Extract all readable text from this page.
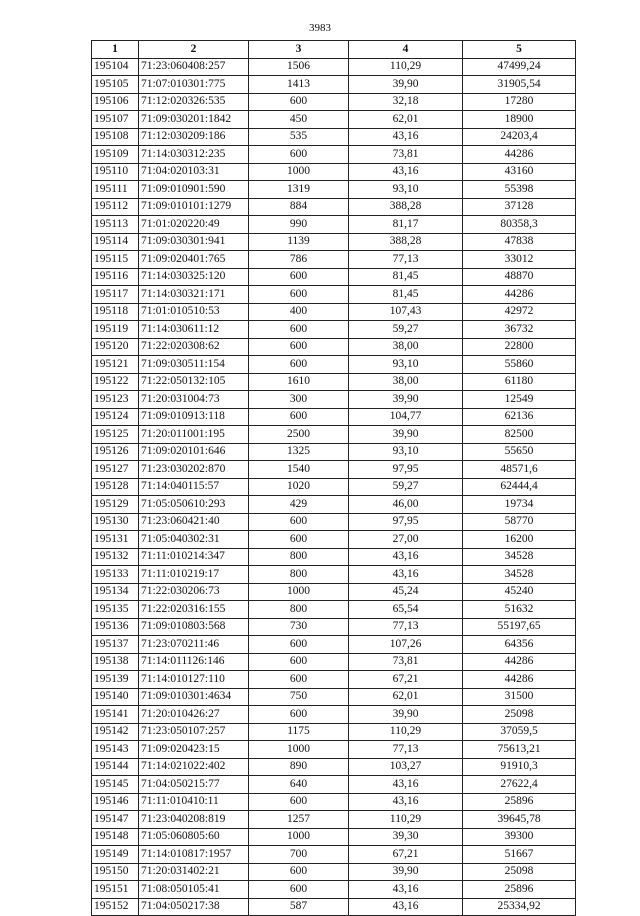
3983
1	2	3	4	5
195104	71:23:060408:257	1506	110,29	47499,24
195105	71:07:010301:775	1413	39,90	31905,54
195106	71:12:020326:535	600	32,18	17280
195107	71:09:030201:1842	450	62,01	18900
195108	71:12:030209:186	535	43,16	24203,4
195109	71:14:030312:235	600	73,81	44286
195110	71:04:020103:31	1000	43,16	43160
195111	71:09:010901:590	1319	93,10	55398
195112	71:09:010101:1279	884	388,28	37128
195113	71:01:020220:49	990	81,17	80358,3
195114	71:09:030301:941	1139	388,28	47838
195115	71:09:020401:765	786	77,13	33012
195116	71:14:030325:120	600	81,45	48870
195117	71:14:030321:171	600	81,45	44286
195118	71:01:010510:53	400	107,43	42972
195119	71:14:030611:12	600	59,27	36732
195120	71:22:020308:62	600	38,00	22800
195121	71:09:030511:154	600	93,10	55860
195122	71:22:050132:105	1610	38,00	61180
195123	71:20:031004:73	300	39,90	12549
195124	71:09:010913:118	600	104,77	62136
195125	71:20:011001:195	2500	39,90	82500
195126	71:09:020101:646	1325	93,10	55650
195127	71:23:030202:870	1540	97,95	48571,6
195128	71:14:040115:57	1020	59,27	62444,4
195129	71:05:050610:293	429	46,00	19734
195130	71:23:060421:40	600	97,95	58770
195131	71:05:040302:31	600	27,00	16200
195132	71:11:010214:347	800	43,16	34528
195133	71:11:010219:17	800	43,16	34528
195134	71:22:030206:73	1000	45,24	45240
195135	71:22:020316:155	800	65,54	51632
195136	71:09:010803:568	730	77,13	55197,65
195137	71:23:070211:46	600	107,26	64356
195138	71:14:011126:146	600	73,81	44286
195139	71:14:010127:110	600	67,21	44286
195140	71:09:010301:4634	750	62,01	31500
195141	71:20:010426:27	600	39,90	25098
195142	71:23:050107:257	1175	110,29	37059,5
195143	71:09:020423:15	1000	77,13	75613,21
195144	71:14:021022:402	890	103,27	91910,3
195145	71:04:050215:77	640	43,16	27622,4
195146	71:11:010410:11	600	43,16	25896
195147	71:23:040208:819	1257	110,29	39645,78
195148	71:05:060805:60	1000	39,30	39300
195149	71:14:010817:1957	700	67,21	51667
195150	71:20:031402:21	600	39,90	25098
195151	71:08:050105:41	600	43,16	25896
195152	71:04:050217:38	587	43,16	25334,92
